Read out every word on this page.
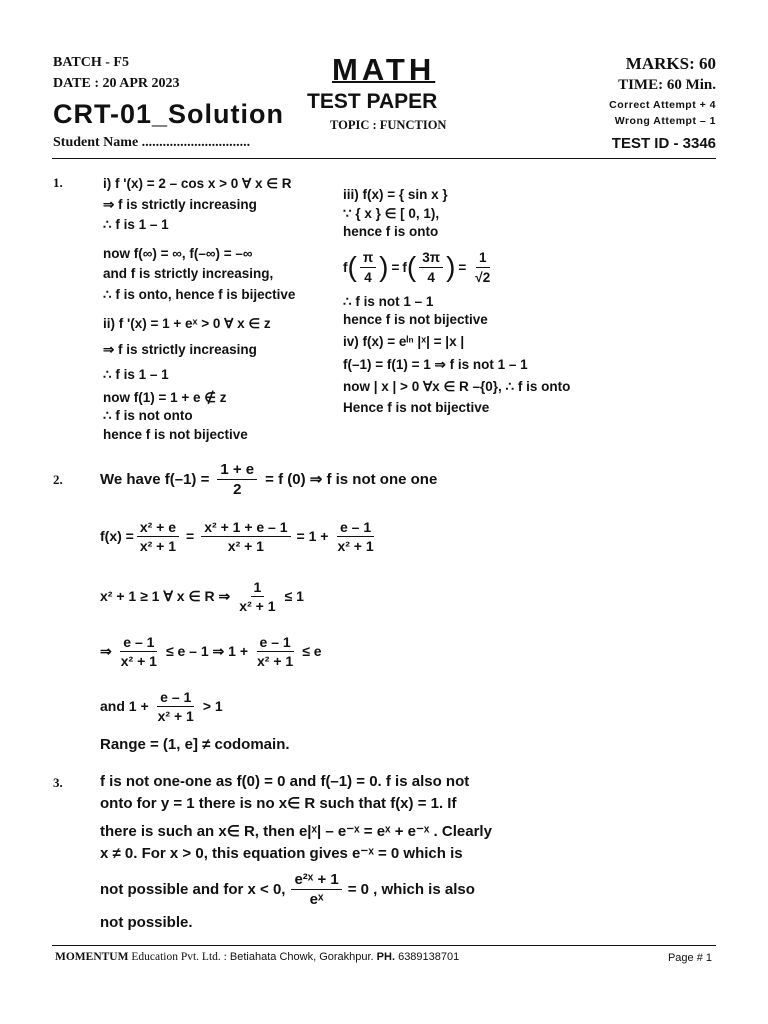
BATCH - F5
DATE : 20 APR 2023
CRT-01_Solution
Student Name ...............................
MATH
TEST PAPER
TOPIC : FUNCTION
MARKS: 60
TIME: 60 Min.
Correct Attempt + 4
Wrong Attempt – 1
TEST ID - 3346
1.	i) f '(x) = 2 – cos x > 0 ∀ x ∈ R
⇒ f is strictly increasing
∴ f is 1 – 1
now f(∞) = ∞, f(–∞) = –∞
and f is strictly increasing,
∴ f is onto, hence f is bijective
ii) f '(x) = 1 + eˣ > 0 ∀ x ∈ z
⇒ f is strictly increasing
∴ f is 1 – 1
now f(1) = 1 + e ∉ z
∴ f is not onto
hence f is not bijective
iii) f(x) = { sin x }
∵ { x } ∈ [ 0, 1),
hence f is onto
f ( $\frac{\pi}{4}$ ) = f ( $\frac{3\pi}{4}$ ) = $\frac{1}{√2}$
∴ f is not 1 – 1
hence f is not bijective
iv) f(x) = eˡⁿ |ˣ| = |x |
f(–1) = f(1) = 1 ⇒ f is not 1 – 1
now | x | > 0 ∀x ∈ R –{0}, ∴ f is onto
Hence f is not bijective
2. We have $f(-1) = \frac{1 + e}{2} = f$ (0) ⇒ f is not one one
$f(x) = \frac{\text{x² + e}}{\text{x² + 1}} = \frac{\text{x² + 1 + e – 1}}{\text{x² + 1}} = 1 + \frac{e - 1}{\text{x² + 1}}$
x² + 1 ≥ 1 ∀ x ∈ R ⇒ $\frac{1}{\text{x² + 1}} \le 1$
⇒ $\frac{e - 1}{\text{x² + 1}} \le e - 1$ ⇒ $1 + \frac{e - 1}{\text{x² + 1}} \le e$
and $1 + \frac{e - 1}{\text{x² + 1}} > 1$
Range = (1, e] ≠ codomain.
3. f is not one-one as f(0) = 0 and f(–1) = 0. f is also not
onto for y = 1 there is no x∈ R such that f(x) = 1. If
there is such an x∈ R, then e|ˣ| – e⁻ˣ = eˣ + e⁻ˣ . Clearly
x ≠ 0. For x > 0, this equation gives e⁻ˣ = 0 which is
not possible and for x < 0, $\frac{\text{e²ˣ + 1}}{\text{eˣ}} = 0$ , which is also
not possible.
MOMENTUM Education Pvt. Ltd. : Betiahata Chowk, Gorakhpur. PH. 6389138701	Page # 1
